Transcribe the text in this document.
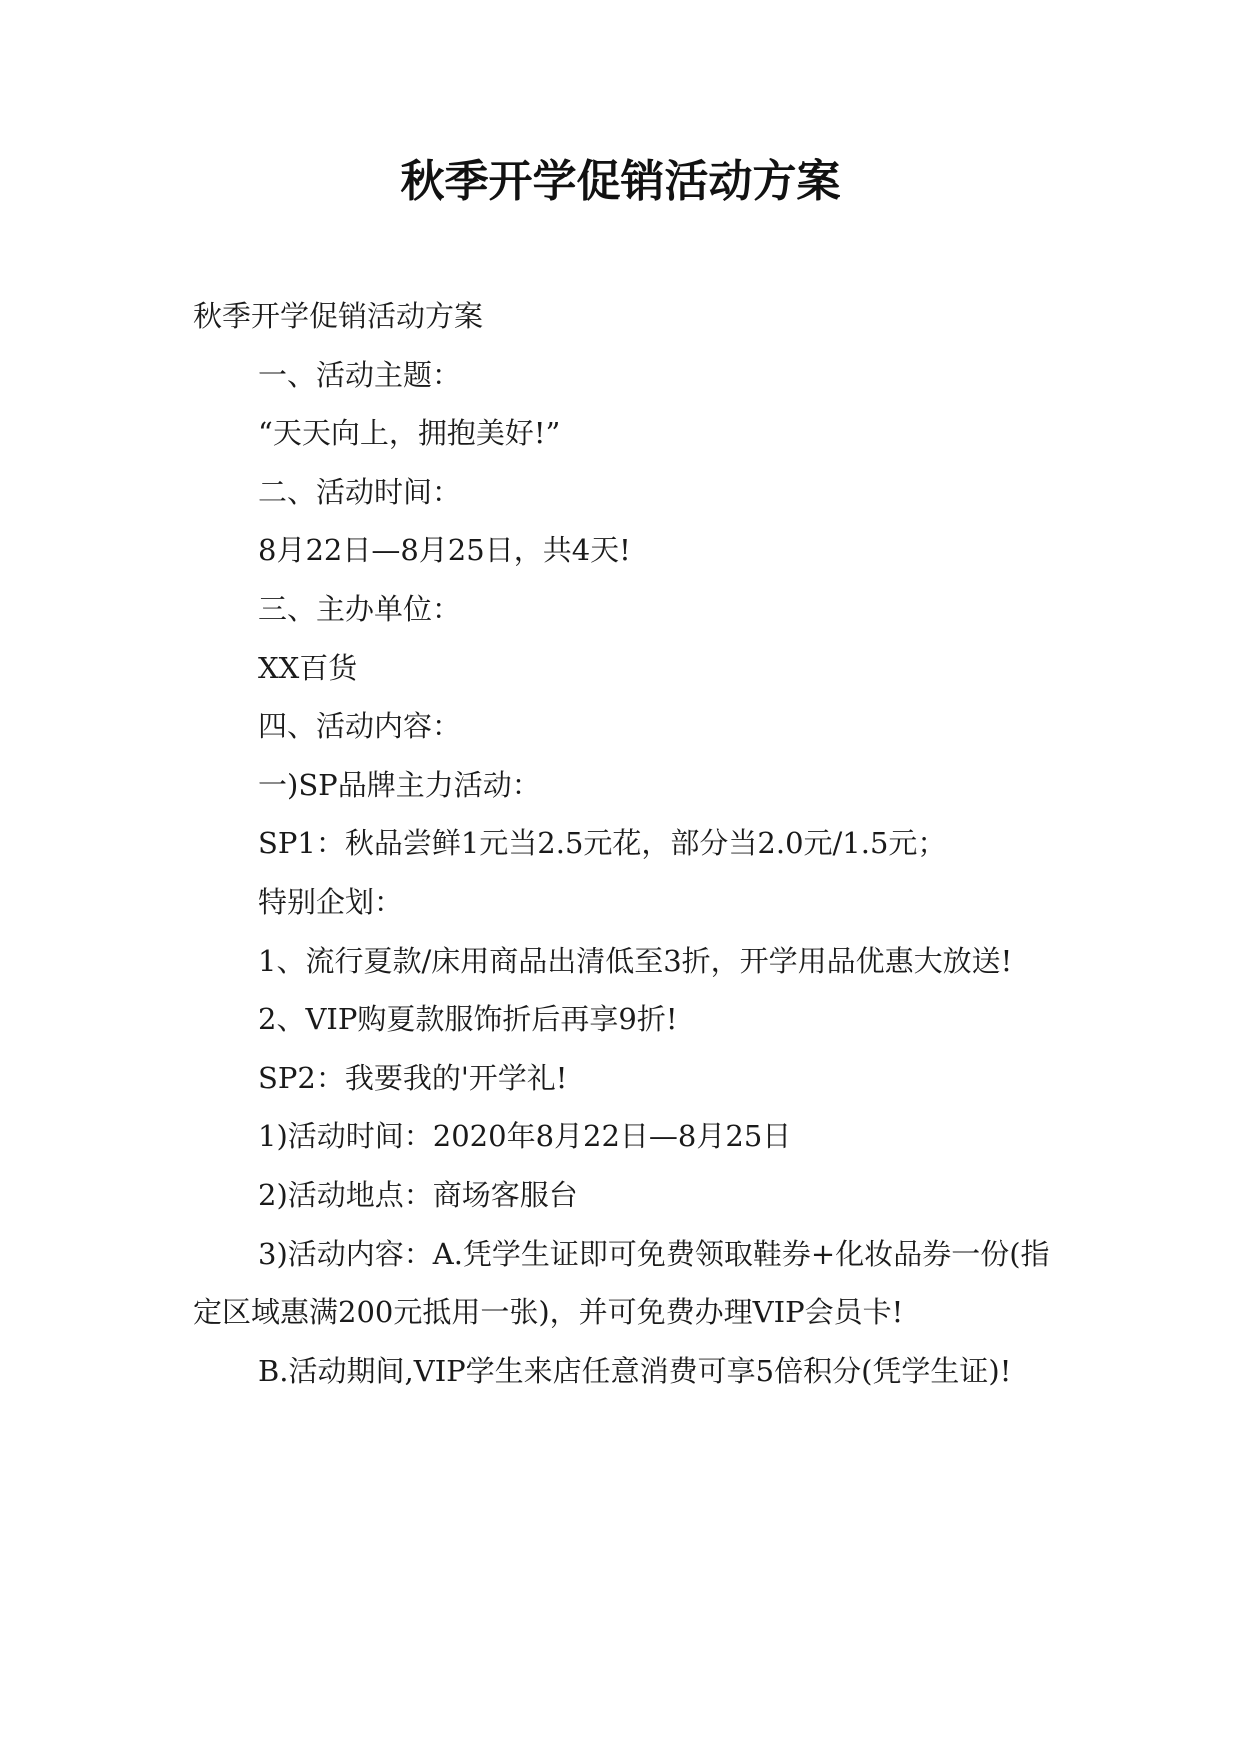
秋季开学促销活动方案

秋季开学促销活动方案

一、活动主题：

“天天向上，拥抱美好!”

二、活动时间：

8月22日—8月25日，共4天!

三、主办单位：

XX百货

四、活动内容：

一)SP品牌主力活动：

SP1：秋品尝鲜1元当2.5元花，部分当2.0元/1.5元；

特别企划：

1、流行夏款/床用商品出清低至3折，开学用品优惠大放送!

2、VIP购夏款服饰折后再享9折!

SP2：我要我的'开学礼!

1)活动时间：2020年8月22日—8月25日

2)活动地点：商场客服台

3)活动内容：A.凭学生证即可免费领取鞋券+化妆品券一份(指定区域惠满200元抵用一张)，并可免费办理VIP会员卡!

B.活动期间,VIP学生来店任意消费可享5倍积分(凭学生证)!
